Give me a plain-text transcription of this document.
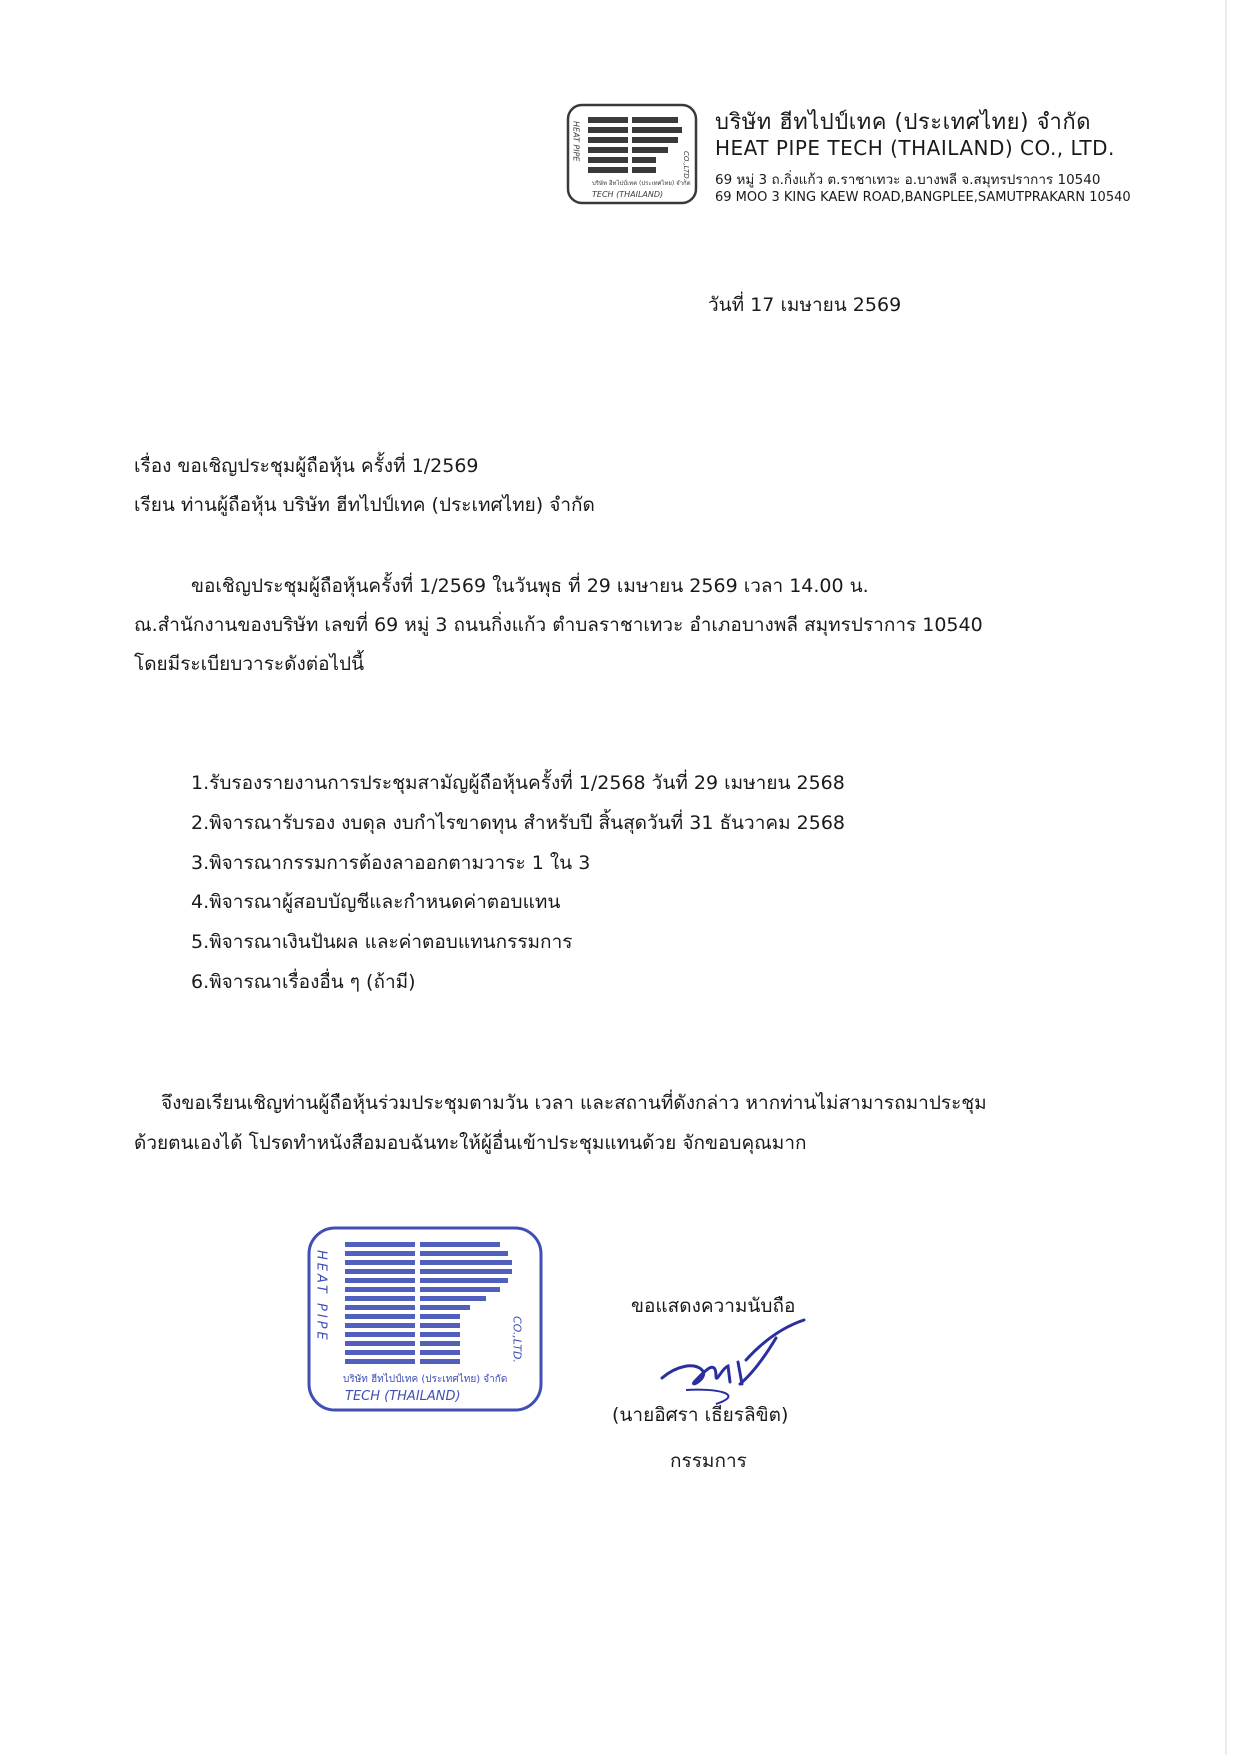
HEAT PIPE
บริษัท ฮีทไปป์เทค (ประเทศไทย) จำกัด
TECH (THAILAND)
CO.,LTD.
บริษัท ฮีทไปป์เทค (ประเทศไทย) จำกัด
HEAT PIPE TECH (THAILAND) CO., LTD.
69 หมู่ 3 ถ.กิ่งแก้ว ต.ราชาเทวะ อ.บางพลี จ.สมุทรปราการ 10540
69 MOO 3 KING KAEW ROAD,BANGPLEE,SAMUTPRAKARN 10540
วันที่ 17 เมษายน 2569
เรื่อง ขอเชิญประชุมผู้ถือหุ้น ครั้งที่ 1/2569
เรียน ท่านผู้ถือหุ้น บริษัท ฮีทไปป์เทค (ประเทศไทย) จำกัด
ขอเชิญประชุมผู้ถือหุ้นครั้งที่ 1/2569 ในวันพุธ ที่ 29 เมษายน 2569 เวลา 14.00 น.
ณ.สำนักงานของบริษัท เลขที่ 69 หมู่ 3 ถนนกิ่งแก้ว ตำบลราชาเทวะ อำเภอบางพลี สมุทรปราการ 10540
โดยมีระเบียบวาระดังต่อไปนี้
1.รับรองรายงานการประชุมสามัญผู้ถือหุ้นครั้งที่ 1/2568 วันที่ 29 เมษายน 2568
2.พิจารณารับรอง งบดุล งบกำไรขาดทุน สำหรับปี สิ้นสุดวันที่ 31 ธันวาคม 2568
3.พิจารณากรรมการต้องลาออกตามวาระ 1 ใน 3
4.พิจารณาผู้สอบบัญชีและกำหนดค่าตอบแทน
5.พิจารณาเงินปันผล และค่าตอบแทนกรรมการ
6.พิจารณาเรื่องอื่น ๆ (ถ้ามี)
จึงขอเรียนเชิญท่านผู้ถือหุ้นร่วมประชุมตามวัน เวลา และสถานที่ดังกล่าว หากท่านไม่สามารถมาประชุม
ด้วยตนเองได้ โปรดทำหนังสือมอบฉันทะให้ผู้อื่นเข้าประชุมแทนด้วย จักขอบคุณมาก
HEAT PIPE
บริษัท ฮีทไปป์เทค (ประเทศไทย) จำกัด
TECH (THAILAND)
CO.,LTD.
ขอแสดงความนับถือ
(นายอิศรา เธียรลิขิต)
กรรมการ
